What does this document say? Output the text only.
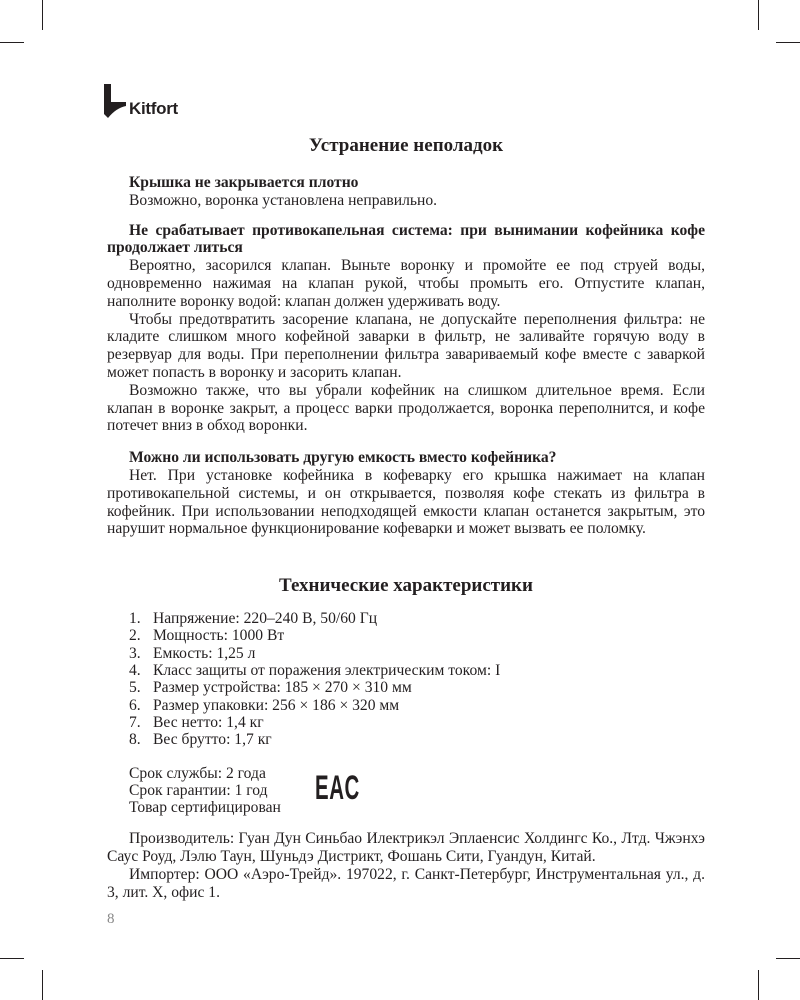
Kitfort
Устранение неполадок
Крышка не закрывается плотно

Возможно, воронка установлена неправильно.

Не срабатывает противокапельная система: при вынимании кофейника кофе продолжает литься

Вероятно, засорился клапан. Выньте воронку и промойте ее под струей воды, одновременно нажимая на клапан рукой, чтобы промыть его. Отпустите клапан, наполните воронку водой: клапан должен удерживать воду.

Чтобы предотвратить засорение клапана, не допускайте переполнения фильтра: не кладите слишком много кофейной заварки в фильтр, не заливайте горячую воду в резервуар для воды. При переполнении фильтра завариваемый кофе вместе с заваркой может попасть в воронку и засорить клапан.

Возможно также, что вы убрали кофейник на слишком длительное время. Если клапан в воронке закрыт, а процесс варки продолжается, воронка переполнится, и кофе потечет вниз в обход воронки.

Можно ли использовать другую емкость вместо кофейника?

Нет. При установке кофейника в кофеварку его крышка нажимает на клапан противокапельной системы, и он открывается, позволяя кофе стекать из фильтра в кофейник. При использовании неподходящей емкости клапан останется закрытым, это нарушит нормальное функционирование кофеварки и может вызвать ее поломку.

Технические характеристики
1. Напряжение: 220–240 В, 50/60 Гц
2. Мощность: 1000 Вт
3. Емкость: 1,25 л
4. Класс защиты от поражения электрическим током: I
5. Размер устройства: 185 × 270 × 310 мм
6. Размер упаковки: 256 × 186 × 320 мм
7. Вес нетто: 1,4 кг
8. Вес брутто: 1,7 кг
Срок службы: 2 года
Срок гарантии: 1 год
Товар сертифицирован
EAC

Производитель: Гуан Дун Синьбао Илектрикэл Эплаенсис Холдингс Ко., Лтд. Чжэнхэ Саус Роуд, Лэлю Таун, Шуньдэ Дистрикт, Фошань Сити, Гуандун, Китай.

Импортер: ООО «Аэро-Трейд». 197022, г. Санкт-Петербург, Инструментальная ул., д. 3, лит. X, офис 1.

8
